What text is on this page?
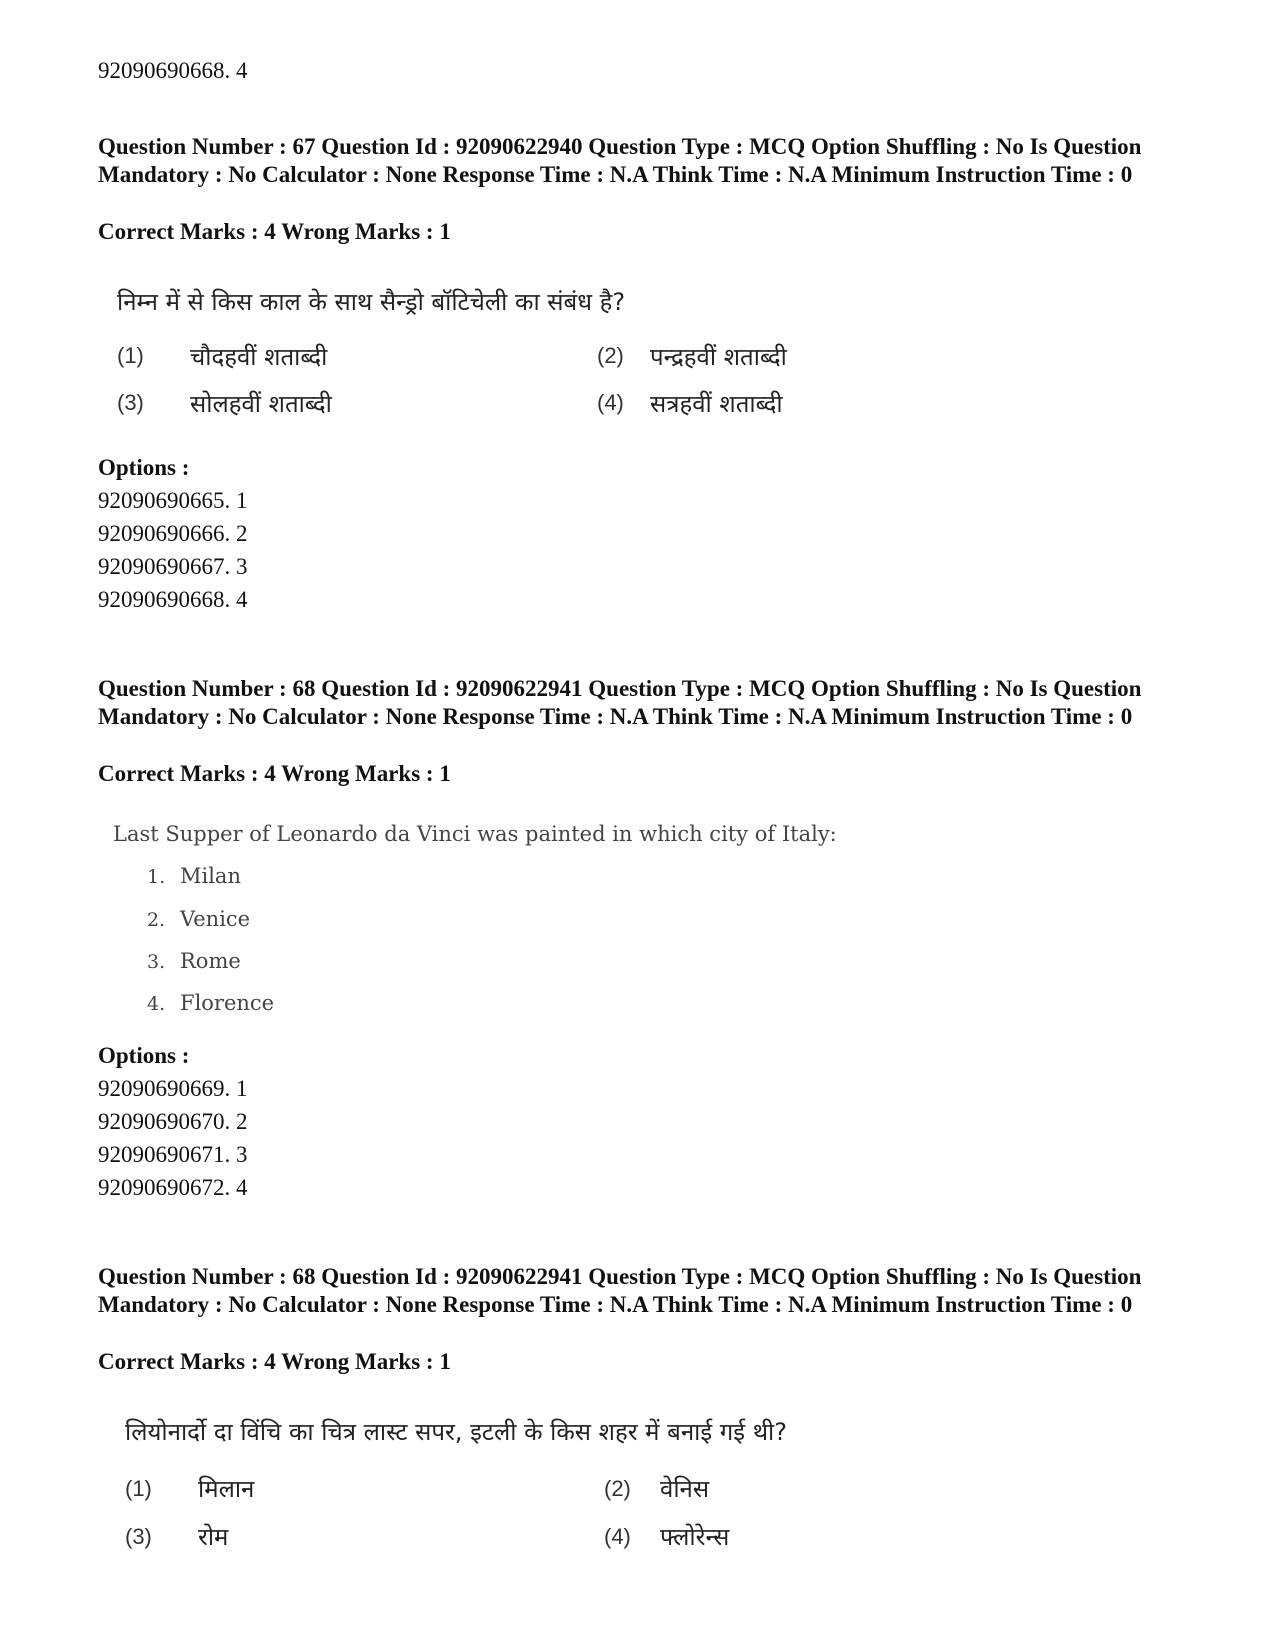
92090690668. 4
Question Number : 67 Question Id : 92090622940 Question Type : MCQ Option Shuffling : No Is Question Mandatory : No Calculator : None Response Time : N.A Think Time : N.A Minimum Instruction Time : 0
Correct Marks : 4 Wrong Marks : 1
निम्न में से किस काल के साथ सैन्ड्रो बॉटिचेली का संबंध है?
(1) चौदहवीं शताब्दी	(2) पन्द्रहवीं शताब्दी
(3) सोलहवीं शताब्दी	(4) सत्रहवीं शताब्दी
Options :
92090690665. 1
92090690666. 2
92090690667. 3
92090690668. 4
Question Number : 68 Question Id : 92090622941 Question Type : MCQ Option Shuffling : No Is Question Mandatory : No Calculator : None Response Time : N.A Think Time : N.A Minimum Instruction Time : 0
Correct Marks : 4 Wrong Marks : 1
Last Supper of Leonardo da Vinci was painted in which city of Italy:
1. Milan
2. Venice
3. Rome
4. Florence
Options :
92090690669. 1
92090690670. 2
92090690671. 3
92090690672. 4
Question Number : 68 Question Id : 92090622941 Question Type : MCQ Option Shuffling : No Is Question Mandatory : No Calculator : None Response Time : N.A Think Time : N.A Minimum Instruction Time : 0
Correct Marks : 4 Wrong Marks : 1
लियोनार्दो दा विंचि का चित्र लास्ट सपर, इटली के किस शहर में बनाई गई थी?
(1) मिलान	(2) वेनिस
(3) रोम	(4) फ्लोरेन्स
